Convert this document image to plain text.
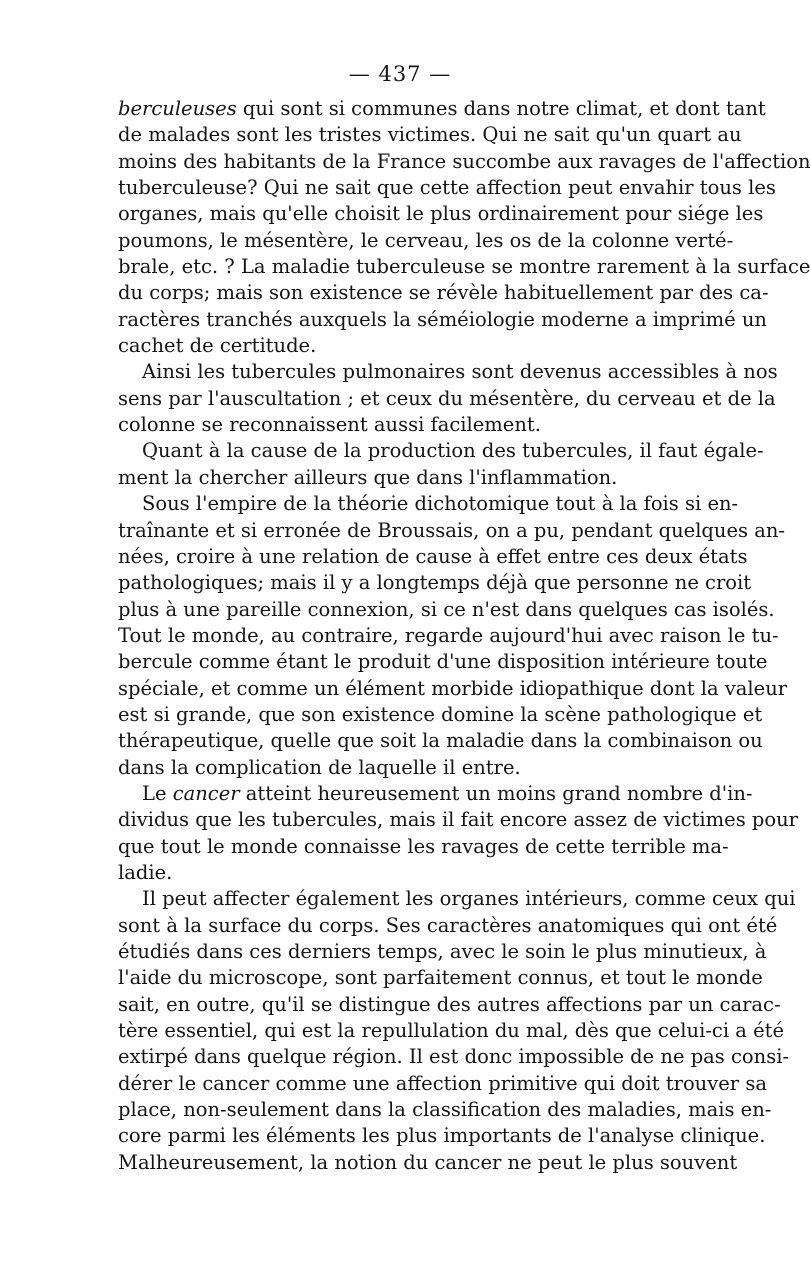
— 437 —
berculeuses qui sont si communes dans notre climat, et dont tant
de malades sont les tristes victimes. Qui ne sait qu'un quart au
moins des habitants de la France succombe aux ravages de l'affection
tuberculeuse? Qui ne sait que cette affection peut envahir tous les
organes, mais qu'elle choisit le plus ordinairement pour siége les
poumons, le mésentère, le cerveau, les os de la colonne verté-
brale, etc. ? La maladie tuberculeuse se montre rarement à la surface
du corps; mais son existence se révèle habituellement par des ca-
ractères tranchés auxquels la séméiologie moderne a imprimé un
cachet de certitude.
Ainsi les tubercules pulmonaires sont devenus accessibles à nos
sens par l'auscultation ; et ceux du mésentère, du cerveau et de la
colonne se reconnaissent aussi facilement.
Quant à la cause de la production des tubercules, il faut égale-
ment la chercher ailleurs que dans l'inflammation.
Sous l'empire de la théorie dichotomique tout à la fois si en-
traînante et si erronée de Broussais, on a pu, pendant quelques an-
nées, croire à une relation de cause à effet entre ces deux états
pathologiques; mais il y a longtemps déjà que personne ne croit
plus à une pareille connexion, si ce n'est dans quelques cas isolés.
Tout le monde, au contraire, regarde aujourd'hui avec raison le tu-
bercule comme étant le produit d'une disposition intérieure toute
spéciale, et comme un élément morbide idiopathique dont la valeur
est si grande, que son existence domine la scène pathologique et
thérapeutique, quelle que soit la maladie dans la combinaison ou
dans la complication de laquelle il entre.
Le cancer atteint heureusement un moins grand nombre d'in-
dividus que les tubercules, mais il fait encore assez de victimes pour
que tout le monde connaisse les ravages de cette terrible ma-
ladie.
Il peut affecter également les organes intérieurs, comme ceux qui
sont à la surface du corps. Ses caractères anatomiques qui ont été
étudiés dans ces derniers temps, avec le soin le plus minutieux, à
l'aide du microscope, sont parfaitement connus, et tout le monde
sait, en outre, qu'il se distingue des autres affections par un carac-
tère essentiel, qui est la repullulation du mal, dès que celui-ci a été
extirpé dans quelque région. Il est donc impossible de ne pas consi-
dérer le cancer comme une affection primitive qui doit trouver sa
place, non-seulement dans la classification des maladies, mais en-
core parmi les éléments les plus importants de l'analyse clinique.
Malheureusement, la notion du cancer ne peut le plus souvent
